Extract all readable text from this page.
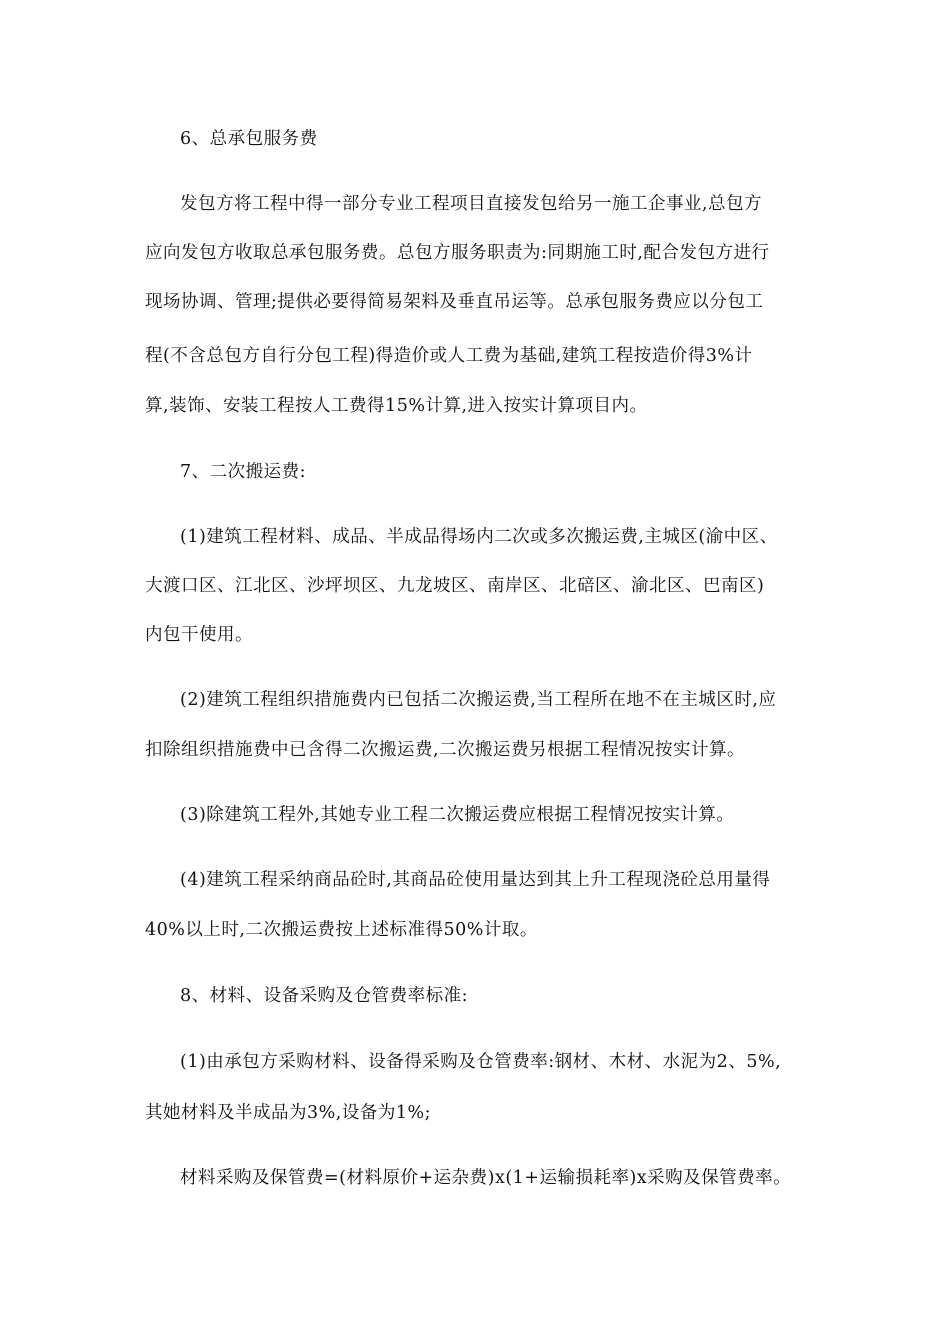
6、总承包服务费
发包方将工程中得一部分专业工程项目直接发包给另一施工企事业,总包方
应向发包方收取总承包服务费。总包方服务职责为:同期施工时,配合发包方进行
现场协调、管理;提供必要得简易架料及垂直吊运等。总承包服务费应以分包工
程(不含总包方自行分包工程)得造价或人工费为基础,建筑工程按造价得3%计
算,装饰、安装工程按人工费得15%计算,进入按实计算项目内。
7、二次搬运费:
(1)建筑工程材料、成品、半成品得场内二次或多次搬运费,主城区(渝中区、
大渡口区、江北区、沙坪坝区、九龙坡区、南岸区、北碚区、渝北区、巴南区)
内包干使用。
(2)建筑工程组织措施费内已包括二次搬运费,当工程所在地不在主城区时,应
扣除组织措施费中已含得二次搬运费,二次搬运费另根据工程情况按实计算。
(3)除建筑工程外,其她专业工程二次搬运费应根据工程情况按实计算。
(4)建筑工程采纳商品砼时,其商品砼使用量达到其上升工程现浇砼总用量得
40%以上时,二次搬运费按上述标准得50%计取。
8、材料、设备采购及仓管费率标准:
(1)由承包方采购材料、设备得采购及仓管费率:钢材、木材、水泥为2、5%,
其她材料及半成品为3%,设备为1%;
材料采购及保管费=(材料原价+运杂费)x(1+运输损耗率)x采购及保管费率。
